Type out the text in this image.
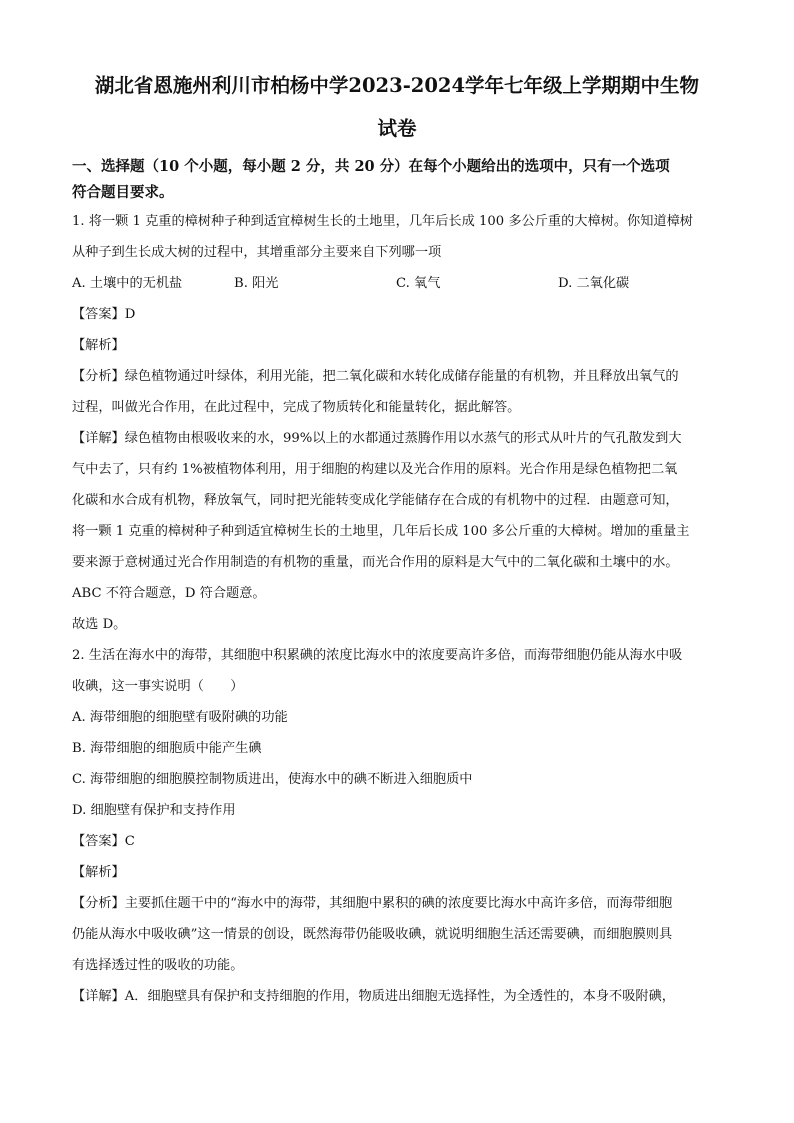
湖北省恩施州利川市柏杨中学2023-2024学年七年级上学期期中生物
试卷
一、选择题（10 个小题，每小题 2 分，共 20 分）在每个小题给出的选项中，只有一个选项
符合题目要求。

1. 将一颗 1 克重的樟树种子种到适宜樟树生长的土地里，几年后长成 100 多公斤重的大樟树。你知道樟树

从种子到生长成大树的过程中，其增重部分主要来自下列哪一项

A. 土壤中的无机盐	B. 阳光	C. 氧气	D. 二氧化碳

【答案】D

【解析】

【分析】绿色植物通过叶绿体，利用光能，把二氧化碳和水转化成储存能量的有机物，并且释放出氧气的

过程，叫做光合作用，在此过程中，完成了物质转化和能量转化，据此解答。

【详解】绿色植物由根吸收来的水，99%以上的水都通过蒸腾作用以水蒸气的形式从叶片的气孔散发到大

气中去了，只有约 1%被植物体利用，用于细胞的构建以及光合作用的原料。光合作用是绿色植物把二氧

化碳和水合成有机物，释放氧气，同时把光能转变成化学能储存在合成的有机物中的过程．由题意可知，

将一颗 1 克重的樟树种子种到适宜樟树生长的土地里，几年后长成 100 多公斤重的大樟树。增加的重量主

要来源于意树通过光合作用制造的有机物的重量，而光合作用的原料是大气中的二氧化碳和土壤中的水。

ABC 不符合题意，D 符合题意。

故选 D。

2. 生活在海水中的海带，其细胞中积累碘的浓度比海水中的浓度要高许多倍，而海带细胞仍能从海水中吸

收碘，这一事实说明（　　）

A. 海带细胞的细胞壁有吸附碘的功能

B. 海带细胞的细胞质中能产生碘

C. 海带细胞的细胞膜控制物质进出，使海水中的碘不断进入细胞质中

D. 细胞壁有保护和支持作用

【答案】C

【解析】

【分析】主要抓住题干中的“海水中的海带，其细胞中累积的碘的浓度要比海水中高许多倍，而海带细胞

仍能从海水中吸收碘”这一情景的创设，既然海带仍能吸收碘，就说明细胞生活还需要碘，而细胞膜则具

有选择透过性的吸收的功能。

【详解】A．细胞壁具有保护和支持细胞的作用，物质进出细胞无选择性，为全透性的，本身不吸附碘，
